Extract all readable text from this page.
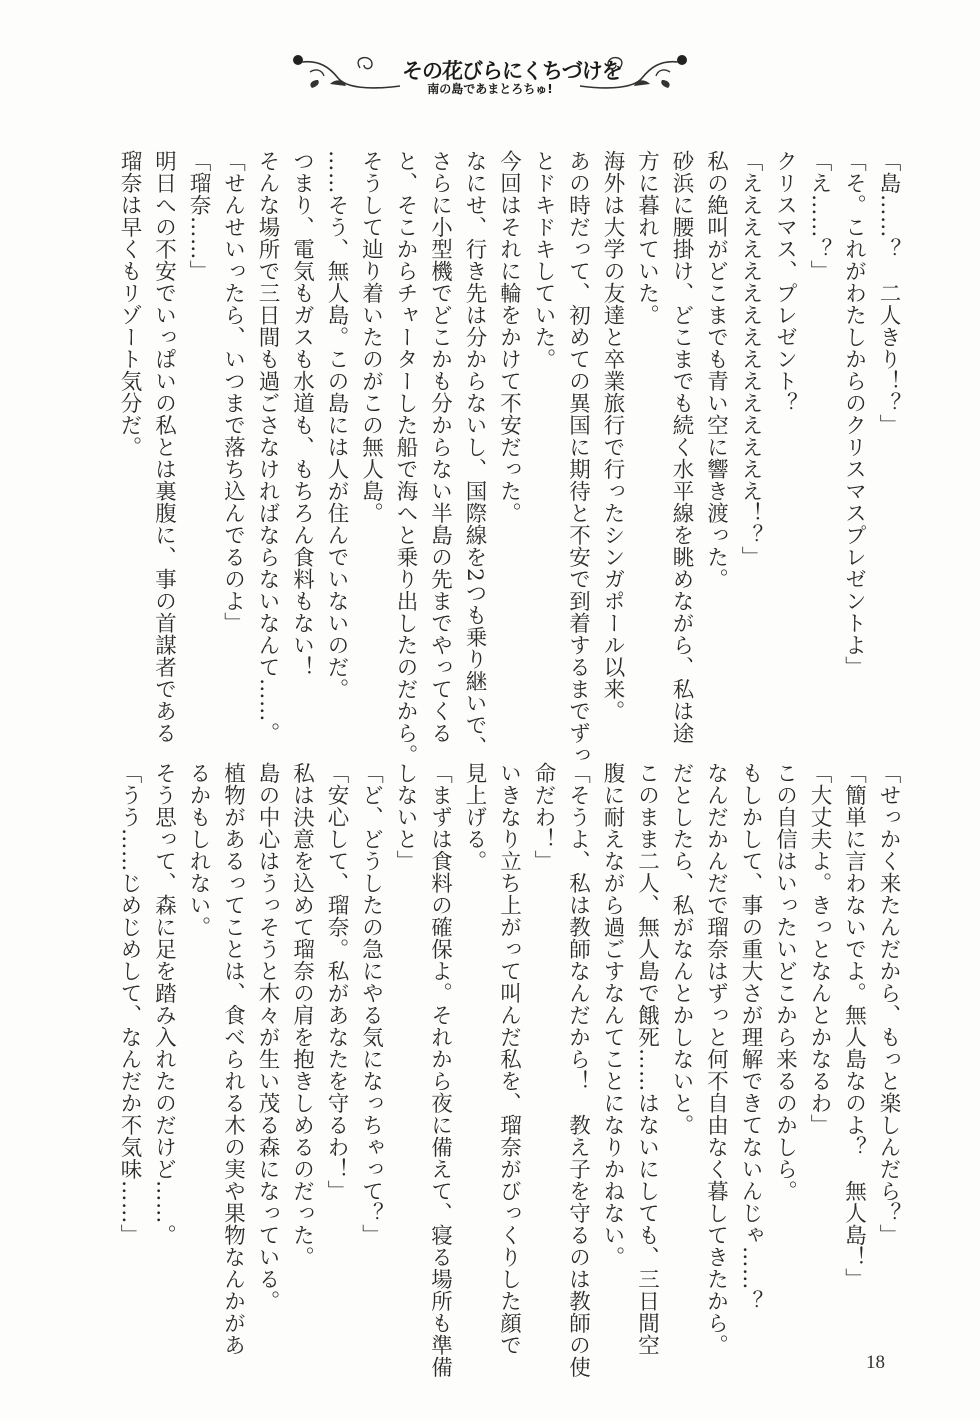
その花びらにくちづけを
南の島であまとろちゅ!
「島……？　二人きり！？」
「そ。これがわたしからのクリスマスプレゼントよ」
「え……？」
クリスマス、プレゼント？
「えええええええええええええええ！？」
私の絶叫がどこまでも青い空に響き渡った。
砂浜に腰掛け、どこまでも続く水平線を眺めながら、私は途
方に暮れていた。
海外は大学の友達と卒業旅行で行ったシンガポール以来。
あの時だって、初めての異国に期待と不安で到着するまでずっ
とドキドキしていた。
今回はそれに輪をかけて不安だった。
なにせ、行き先は分からないし、国際線を2つも乗り継いで、
さらに小型機でどこかも分からない半島の先までやってくる
と、そこからチャーターした船で海へと乗り出したのだから。
そうして辿り着いたのがこの無人島。
……そう、無人島。この島には人が住んでいないのだ。
つまり、電気もガスも水道も、もちろん食料もない！
そんな場所で三日間も過ごさなければならないなんて……。
「せんせいったら、いつまで落ち込んでるのよ」
「瑠奈……」
明日への不安でいっぱいの私とは裏腹に、事の首謀者である
瑠奈は早くもリゾート気分だ。
「せっかく来たんだから、もっと楽しんだら？」
「簡単に言わないでよ。無人島なのよ？　無人島！」
「大丈夫よ。きっとなんとかなるわ」
この自信はいったいどこから来るのかしら。
もしかして、事の重大さが理解できてないんじゃ……？
なんだかんだで瑠奈はずっと何不自由なく暮してきたから。
だとしたら、私がなんとかしないと。
このまま二人、無人島で餓死……はないにしても、三日間空
腹に耐えながら過ごすなんてことになりかねない。
「そうよ、私は教師なんだから！　教え子を守るのは教師の使
命だわ！」
いきなり立ち上がって叫んだ私を、瑠奈がびっくりした顔で
見上げる。
「まずは食料の確保よ。それから夜に備えて、寝る場所も準備
しないと」
「ど、どうしたの急にやる気になっちゃって？」
「安心して、瑠奈。私があなたを守るわ！」
私は決意を込めて瑠奈の肩を抱きしめるのだった。
島の中心はうっそうと木々が生い茂る森になっている。
植物があるってことは、食べられる木の実や果物なんかがあ
るかもしれない。
そう思って、森に足を踏み入れたのだけど……。
「うう……じめじめして、なんだか不気味……」
18
